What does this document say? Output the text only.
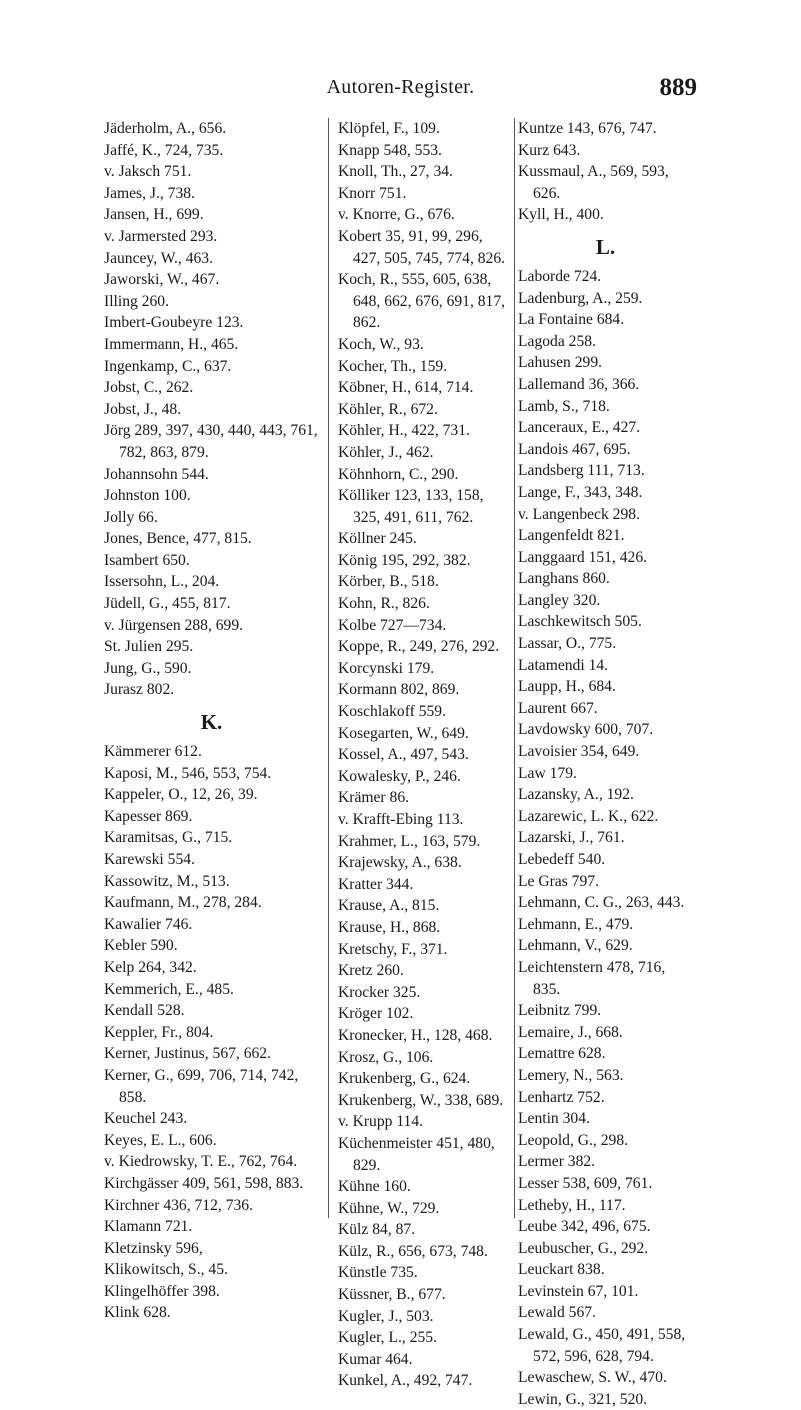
Autoren-Register.	889
Jäderholm, A., 656.
Jaffé, K., 724, 735.
v. Jaksch 751.
James, J., 738.
Jansen, H., 699.
v. Jarmersted 293.
Jauncey, W., 463.
Jaworski, W., 467.
Illing 260.
Imbert-Goubeyre 123.
Immermann, H., 465.
Ingenkamp, C., 637.
Jobst, C., 262.
Jobst, J., 48.
Jörg 289, 397, 430, 440, 443, 761, 782, 863, 879.
Johannsohn 544.
Johnston 100.
Jolly 66.
Jones, Bence, 477, 815.
Isambert 650.
Issersohn, L., 204.
Jüdell, G., 455, 817.
v. Jürgensen 288, 699.
St. Julien 295.
Jung, G., 590.
Jurasz 802.
K.
Kämmerer 612.
Kaposi, M., 546, 553, 754.
Kappeler, O., 12, 26, 39.
Kapesser 869.
Karamitsas, G., 715.
Karewski 554.
Kassowitz, M., 513.
Kaufmann, M., 278, 284.
Kawalier 746.
Kebler 590.
Kelp 264, 342.
Kemmerich, E., 485.
Kendall 528.
Keppler, Fr., 804.
Kerner, Justinus, 567, 662.
Kerner, G., 699, 706, 714, 742, 858.
Keuchel 243.
Keyes, E. L., 606.
v. Kiedrowsky, T. E., 762, 764.
Kirchgässer 409, 561, 598, 883.
Kirchner 436, 712, 736.
Klamann 721.
Kletzinsky 596,
Klikowitsch, S., 45.
Klingelhöffer 398.
Klink 628.
Klöpfel, F., 109.
Knapp 548, 553.
Knoll, Th., 27, 34.
Knorr 751.
v. Knorre, G., 676.
Kobert 35, 91, 99, 296, 427, 505, 745, 774, 826.
Koch, R., 555, 605, 638, 648, 662, 676, 691, 817, 862.
Koch, W., 93.
Kocher, Th., 159.
Köbner, H., 614, 714.
Köhler, R., 672.
Köhler, H., 422, 731.
Köhler, J., 462.
Köhnhorn, C., 290.
Kölliker 123, 133, 158, 325, 491, 611, 762.
Köllner 245.
König 195, 292, 382.
Körber, B., 518.
Kohn, R., 826.
Kolbe 727—734.
Koppe, R., 249, 276, 292.
Korcynski 179.
Kormann 802, 869.
Koschlakoff 559.
Kosegarten, W., 649.
Kossel, A., 497, 543.
Kowalesky, P., 246.
Krämer 86.
v. Krafft-Ebing 113.
Krahmer, L., 163, 579.
Krajewsky, A., 638.
Kratter 344.
Krause, A., 815.
Krause, H., 868.
Kretschy, F., 371.
Kretz 260.
Krocker 325.
Kröger 102.
Kronecker, H., 128, 468.
Krosz, G., 106.
Krukenberg, G., 624.
Krukenberg, W., 338, 689.
v. Krupp 114.
Küchenmeister 451, 480, 829.
Kühne 160.
Kühne, W., 729.
Külz 84, 87.
Külz, R., 656, 673, 748.
Künstle 735.
Küssner, B., 677.
Kugler, J., 503.
Kugler, L., 255.
Kumar 464.
Kunkel, A., 492, 747.
Kuntze 143, 676, 747.
Kurz 643.
Kussmaul, A., 569, 593, 626.
Kyll, H., 400.
L.
Laborde 724.
Ladenburg, A., 259.
La Fontaine 684.
Lagoda 258.
Lahusen 299.
Lallemand 36, 366.
Lamb, S., 718.
Lanceraux, E., 427.
Landois 467, 695.
Landsberg 111, 713.
Lange, F., 343, 348.
v. Langenbeck 298.
Langenfeldt 821.
Langgaard 151, 426.
Langhans 860.
Langley 320.
Laschkewitsch 505.
Lassar, O., 775.
Latamendi 14.
Laupp, H., 684.
Laurent 667.
Lavdowsky 600, 707.
Lavoisier 354, 649.
Law 179.
Lazansky, A., 192.
Lazarewic, L. K., 622.
Lazarski, J., 761.
Lebedeff 540.
Le Gras 797.
Lehmann, C. G., 263, 443.
Lehmann, E., 479.
Lehmann, V., 629.
Leichtenstern 478, 716, 835.
Leibnitz 799.
Lemaire, J., 668.
Lemattre 628.
Lemery, N., 563.
Lenhartz 752.
Lentin 304.
Leopold, G., 298.
Lermer 382.
Lesser 538, 609, 761.
Letheby, H., 117.
Leube 342, 496, 675.
Leubuscher, G., 292.
Leuckart 838.
Levinstein 67, 101.
Lewald 567.
Lewald, G., 450, 491, 558, 572, 596, 628, 794.
Lewaschew, S. W., 470.
Lewin, G., 321, 520.
